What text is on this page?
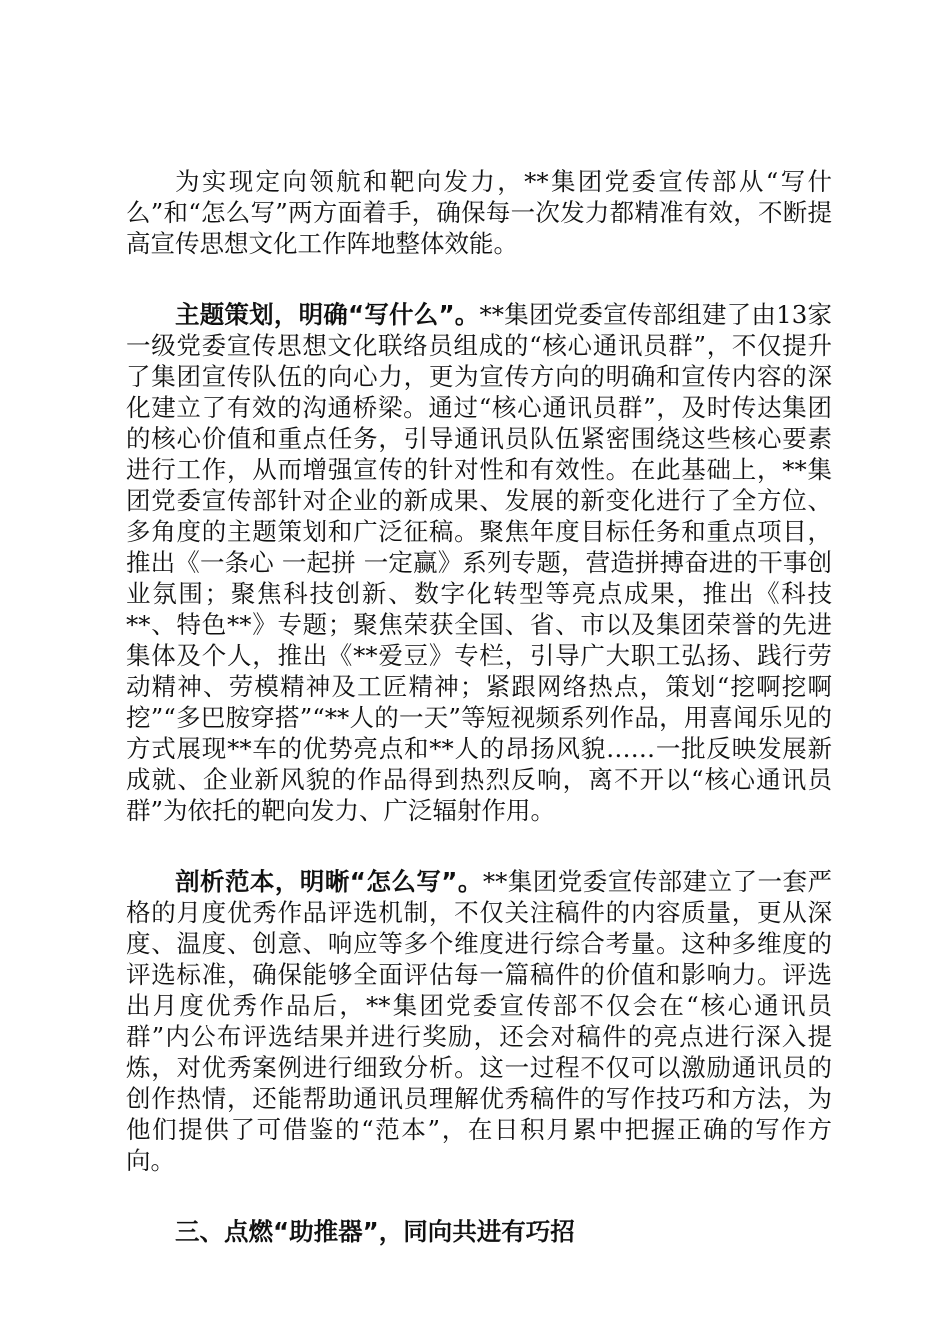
为实现定向领航和靶向发力，**集团党委宣传部从“写什么”和“怎么写”两方面着手，确保每一次发力都精准有效，不断提高宣传思想文化工作阵地整体效能。

主题策划，明确“写什么”。**集团党委宣传部组建了由13家一级党委宣传思想文化联络员组成的“核心通讯员群”，不仅提升了集团宣传队伍的向心力，更为宣传方向的明确和宣传内容的深化建立了有效的沟通桥梁。通过“核心通讯员群”，及时传达集团的核心价值和重点任务，引导通讯员队伍紧密围绕这些核心要素进行工作，从而增强宣传的针对性和有效性。在此基础上，**集团党委宣传部针对企业的新成果、发展的新变化进行了全方位、多角度的主题策划和广泛征稿。聚焦年度目标任务和重点项目，推出《一条心 一起拼 一定赢》系列专题，营造拼搏奋进的干事创业氛围；聚焦科技创新、数字化转型等亮点成果，推出《科技**、特色**》专题；聚焦荣获全国、省、市以及集团荣誉的先进集体及个人，推出《**爱豆》专栏，引导广大职工弘扬、践行劳动精神、劳模精神及工匠精神；紧跟网络热点，策划“挖啊挖啊挖”“多巴胺穿搭”“**人的一天”等短视频系列作品，用喜闻乐见的方式展现**车的优势亮点和**人的昂扬风貌……一批反映发展新成就、企业新风貌的作品得到热烈反响，离不开以“核心通讯员群”为依托的靶向发力、广泛辐射作用。

剖析范本，明晰“怎么写”。**集团党委宣传部建立了一套严格的月度优秀作品评选机制，不仅关注稿件的内容质量，更从深度、温度、创意、响应等多个维度进行综合考量。这种多维度的评选标准，确保能够全面评估每一篇稿件的价值和影响力。评选出月度优秀作品后，**集团党委宣传部不仅会在“核心通讯员群”内公布评选结果并进行奖励，还会对稿件的亮点进行深入提炼，对优秀案例进行细致分析。这一过程不仅可以激励通讯员的创作热情，还能帮助通讯员理解优秀稿件的写作技巧和方法，为他们提供了可借鉴的“范本”，在日积月累中把握正确的写作方向。

三、点燃“助推器”，同向共进有巧招
